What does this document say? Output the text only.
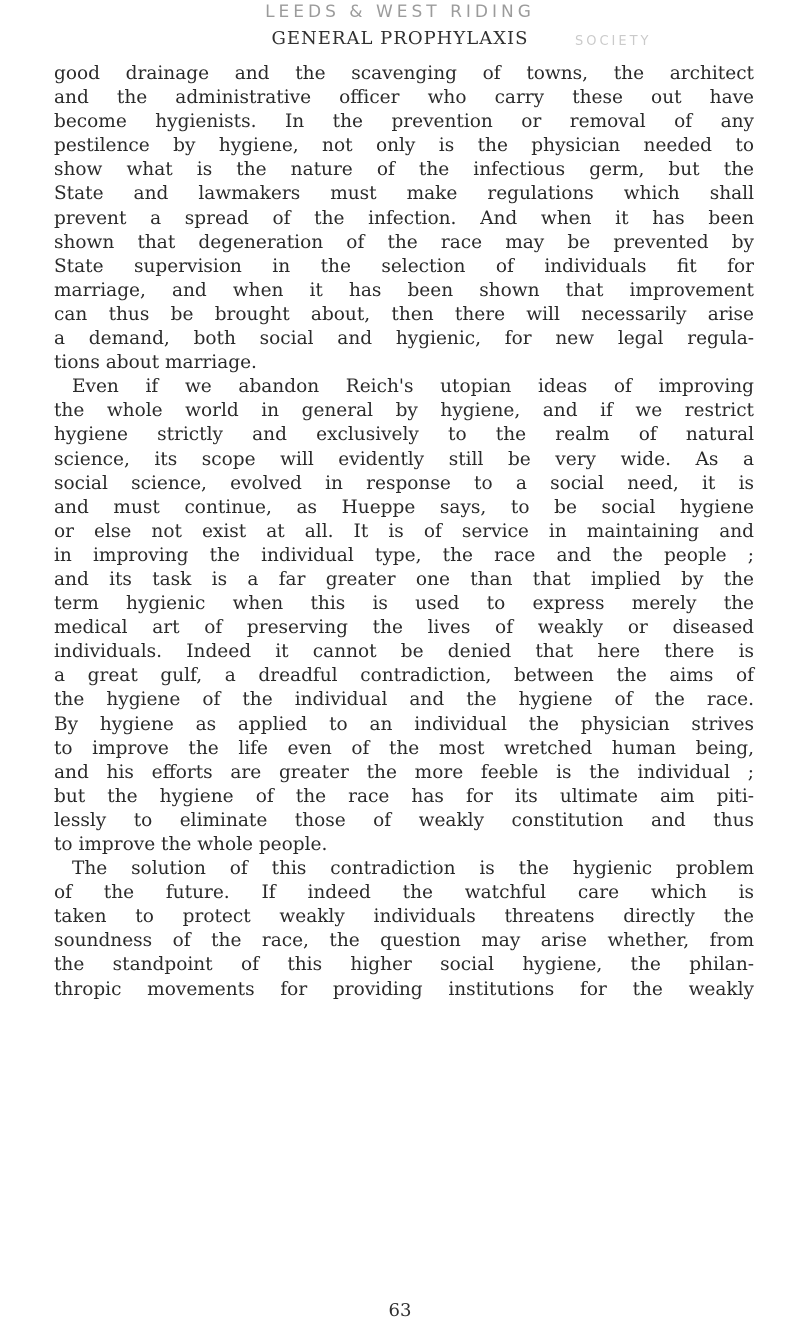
LEEDS & WEST RIDING
GENERAL PROPHYLAXIS	SOCIETY
good drainage and the scavenging of towns, the architect
and the administrative officer who carry these out have
become hygienists. In the prevention or removal of any
pestilence by hygiene, not only is the physician needed to
show what is the nature of the infectious germ, but the
State and lawmakers must make regulations which shall
prevent a spread of the infection. And when it has been
shown that degeneration of the race may be prevented by
State supervision in the selection of individuals fit for
marriage, and when it has been shown that improvement
can thus be brought about, then there will necessarily arise
a demand, both social and hygienic, for new legal regula-
tions about marriage.
Even if we abandon Reich's utopian ideas of improving
the whole world in general by hygiene, and if we restrict
hygiene strictly and exclusively to the realm of natural
science, its scope will evidently still be very wide. As a
social science, evolved in response to a social need, it is
and must continue, as Hueppe says, to be social hygiene
or else not exist at all. It is of service in maintaining and
in improving the individual type, the race and the people ;
and its task is a far greater one than that implied by the
term hygienic when this is used to express merely the
medical art of preserving the lives of weakly or diseased
individuals. Indeed it cannot be denied that here there is
a great gulf, a dreadful contradiction, between the aims of
the hygiene of the individual and the hygiene of the race.
By hygiene as applied to an individual the physician strives
to improve the life even of the most wretched human being,
and his efforts are greater the more feeble is the individual ;
but the hygiene of the race has for its ultimate aim piti-
lessly to eliminate those of weakly constitution and thus
to improve the whole people.
The solution of this contradiction is the hygienic problem
of the future. If indeed the watchful care which is
taken to protect weakly individuals threatens directly the
soundness of the race, the question may arise whether, from
the standpoint of this higher social hygiene, the philan-
thropic movements for providing institutions for the weakly
63
